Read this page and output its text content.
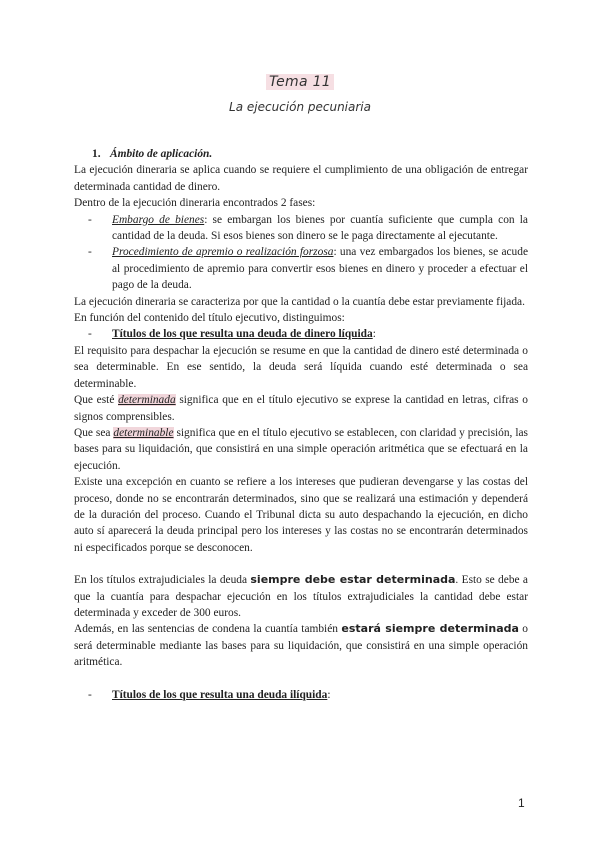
Tema 11
La ejecución pecuniaria

1. Ámbito de aplicación.

La ejecución dineraria se aplica cuando se requiere el cumplimiento de una obligación de entregar determinada cantidad de dinero.

Dentro de la ejecución dineraria encontrados 2 fases:

- Embargo de bienes: se embargan los bienes por cuantía suficiente que cumpla con la cantidad de la deuda. Si esos bienes son dinero se le paga directamente al ejecutante.

- Procedimiento de apremio o realización forzosa: una vez embargados los bienes, se acude al procedimiento de apremio para convertir esos bienes en dinero y proceder a efectuar el pago de la deuda.

La ejecución dineraria se caracteriza por que la cantidad o la cuantía debe estar previamente fijada.

En función del contenido del título ejecutivo, distinguimos:

- Títulos de los que resulta una deuda de dinero líquida:

El requisito para despachar la ejecución se resume en que la cantidad de dinero esté determinada o sea determinable. En ese sentido, la deuda será líquida cuando esté determinada o sea determinable.

Que esté determinada significa que en el título ejecutivo se exprese la cantidad en letras, cifras o signos comprensibles.

Que sea determinable significa que en el título ejecutivo se establecen, con claridad y precisión, las bases para su liquidación, que consistirá en una simple operación aritmética que se efectuará en la ejecución.

Existe una excepción en cuanto se refiere a los intereses que pudieran devengarse y las costas del proceso, donde no se encontrarán determinados, sino que se realizará una estimación y dependerá de la duración del proceso. Cuando el Tribunal dicta su auto despachando la ejecución, en dicho auto sí aparecerá la deuda principal pero los intereses y las costas no se encontrarán determinados ni especificados porque se desconocen.

En los títulos extrajudiciales la deuda siempre debe estar determinada. Esto se debe a que la cuantía para despachar ejecución en los títulos extrajudiciales la cantidad debe estar determinada y exceder de 300 euros.

Además, en las sentencias de condena la cuantía también estará siempre determinada o será determinable mediante las bases para su liquidación, que consistirá en una simple operación aritmética.

- Títulos de los que resulta una deuda ilíquida:

1
